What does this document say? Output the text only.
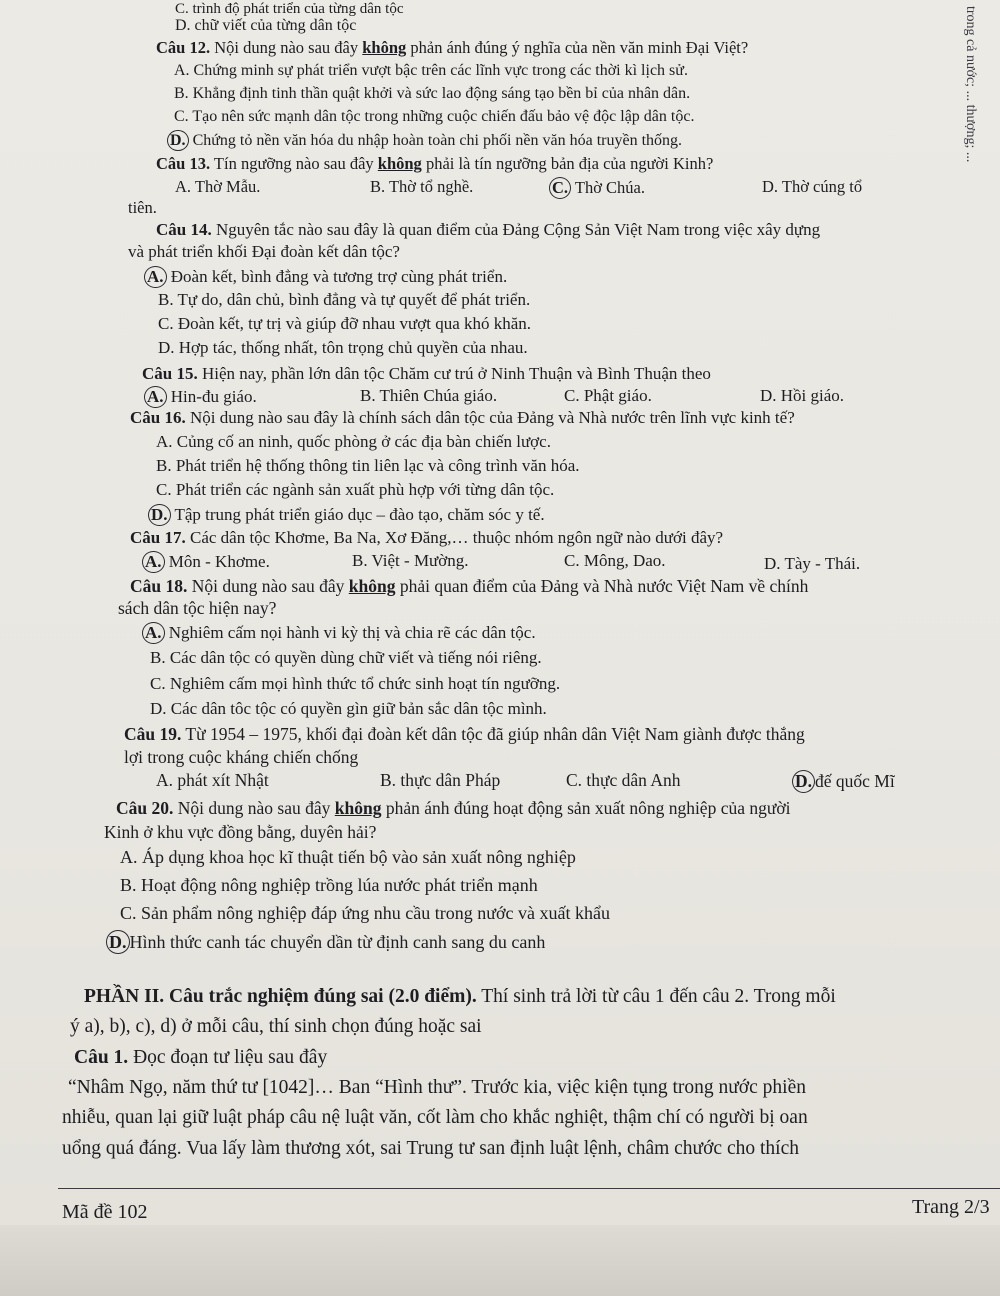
trong cả nước; ... thượng; ...
C. trình độ phát triển của từng dân tộc
D. chữ viết của từng dân tộc
Câu 12. Nội dung nào sau đây không phản ánh đúng ý nghĩa của nền văn minh Đại Việt?
A. Chứng minh sự phát triển vượt bậc trên các lĩnh vực trong các thời kì lịch sử.
B. Khẳng định tinh thần quật khởi và sức lao động sáng tạo bền bỉ của nhân dân.
C. Tạo nên sức mạnh dân tộc trong những cuộc chiến đấu bảo vệ độc lập dân tộc.
D. Chứng tỏ nền văn hóa du nhập hoàn toàn chi phối nền văn hóa truyền thống.
Câu 13. Tín ngưỡng nào sau đây không phải là tín ngưỡng bản địa của người Kinh?
A. Thờ Mẫu.	B. Thờ tổ nghề.	C. Thờ Chúa.	D. Thờ cúng tổ
tiên.
Câu 14. Nguyên tắc nào sau đây là quan điểm của Đảng Cộng Sản Việt Nam trong việc xây dựng
và phát triển khối Đại đoàn kết dân tộc?
A. Đoàn kết, bình đẳng và tương trợ cùng phát triển.
B. Tự do, dân chủ, bình đẳng và tự quyết để phát triển.
C. Đoàn kết, tự trị và giúp đỡ nhau vượt qua khó khăn.
D. Hợp tác, thống nhất, tôn trọng chủ quyền của nhau.
Câu 15. Hiện nay, phần lớn dân tộc Chăm cư trú ở Ninh Thuận và Bình Thuận theo
A. Hin-đu giáo.	B. Thiên Chúa giáo.	C. Phật giáo.	D. Hồi giáo.
Câu 16. Nội dung nào sau đây là chính sách dân tộc của Đảng và Nhà nước trên lĩnh vực kinh tế?
A. Củng cố an ninh, quốc phòng ở các địa bàn chiến lược.
B. Phát triển hệ thống thông tin liên lạc và công trình văn hóa.
C. Phát triển các ngành sản xuất phù hợp với từng dân tộc.
D. Tập trung phát triển giáo dục – đào tạo, chăm sóc y tế.
Câu 17. Các dân tộc Khơme, Ba Na, Xơ Đăng,… thuộc nhóm ngôn ngữ nào dưới đây?
A. Môn - Khơme.	B. Việt - Mường.	C. Mông, Dao.	D. Tày - Thái.
Câu 18. Nội dung nào sau đây không phải quan điểm của Đảng và Nhà nước Việt Nam về chính
sách dân tộc hiện nay?
A. Nghiêm cấm nọi hành vi kỳ thị và chia rẽ các dân tộc.
B. Các dân tộc có quyền dùng chữ viết và tiếng nói riêng.
C. Nghiêm cấm mọi hình thức tổ chức sinh hoạt tín ngưỡng.
D. Các dân tôc tộc có quyền gìn giữ bản sắc dân tộc mình.
Câu 19. Từ 1954 – 1975, khối đại đoàn kết dân tộc đã giúp nhân dân Việt Nam giành được thắng
lợi trong cuộc kháng chiến chống
A. phát xít Nhật	B. thực dân Pháp	C. thực dân Anh	D. đế quốc Mĩ
Câu 20. Nội dung nào sau đây không phản ánh đúng hoạt động sản xuất nông nghiệp của người
Kinh ở khu vực đồng bằng, duyên hải?
A. Áp dụng khoa học kĩ thuật tiến bộ vào sản xuất nông nghiệp
B. Hoạt động nông nghiệp trồng lúa nước phát triển mạnh
C. Sản phẩm nông nghiệp đáp ứng nhu cầu trong nước và xuất khẩu
D. Hình thức canh tác chuyển dần từ định canh sang du canh
PHẦN II. Câu trắc nghiệm đúng sai (2.0 điểm). Thí sinh trả lời từ câu 1 đến câu 2. Trong mỗi
ý a), b), c), d) ở mỗi câu, thí sinh chọn đúng hoặc sai
Câu 1. Đọc đoạn tư liệu sau đây
“Nhâm Ngọ, năm thứ tư [1042]… Ban “Hình thư”. Trước kia, việc kiện tụng trong nước phiền
nhiễu, quan lại giữ luật pháp câu nệ luật văn, cốt làm cho khắc nghiệt, thậm chí có người bị oan
uổng quá đáng. Vua lấy làm thương xót, sai Trung tư san định luật lệnh, châm chước cho thích
Mã đề 102	Trang 2/3
